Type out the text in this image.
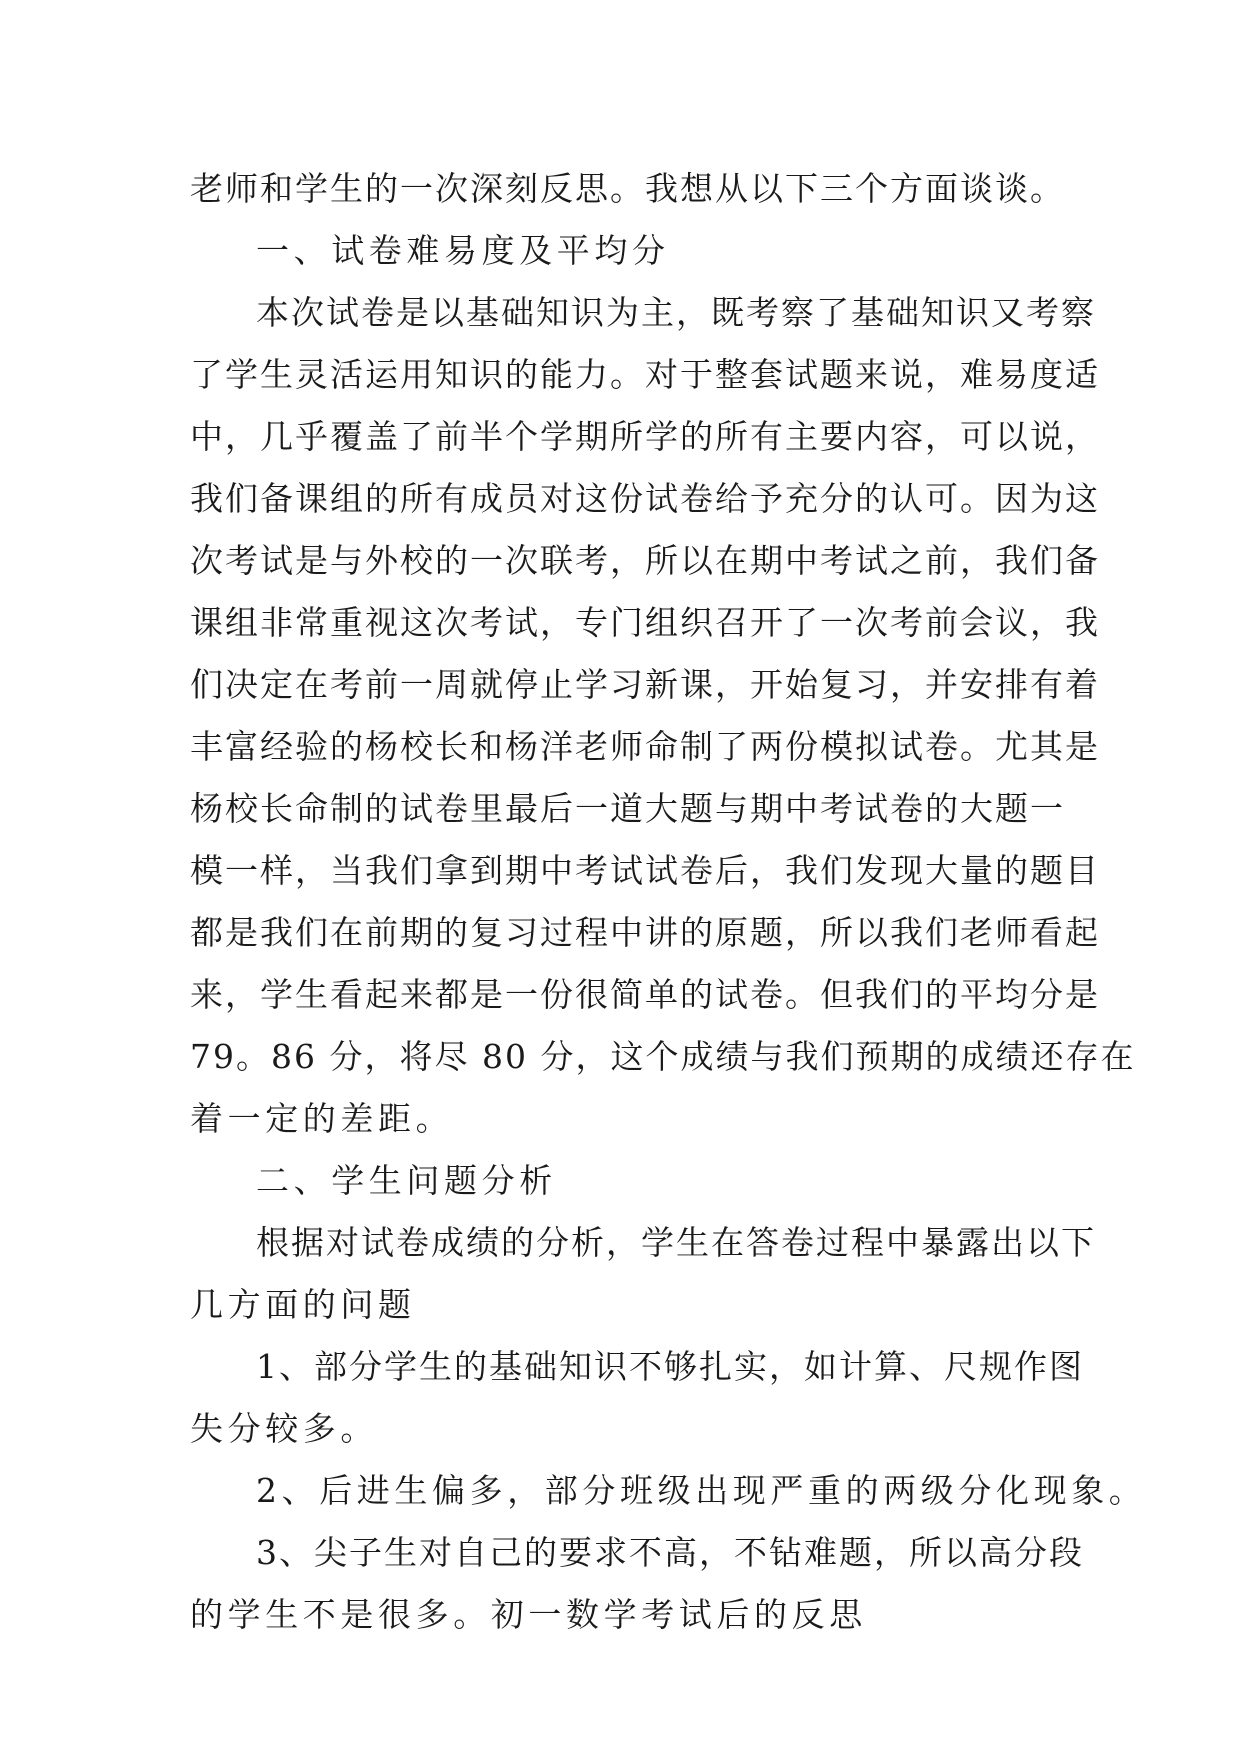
老师和学生的一次深刻反思。我想从以下三个方面谈谈。
一、试卷难易度及平均分
本次试卷是以基础知识为主，既考察了基础知识又考察
了学生灵活运用知识的能力。对于整套试题来说，难易度适
中，几乎覆盖了前半个学期所学的所有主要内容，可以说，
我们备课组的所有成员对这份试卷给予充分的认可。因为这
次考试是与外校的一次联考，所以在期中考试之前，我们备
课组非常重视这次考试，专门组织召开了一次考前会议，我
们决定在考前一周就停止学习新课，开始复习，并安排有着
丰富经验的杨校长和杨洋老师命制了两份模拟试卷。尤其是
杨校长命制的试卷里最后一道大题与期中考试卷的大题一
模一样，当我们拿到期中考试试卷后，我们发现大量的题目
都是我们在前期的复习过程中讲的原题，所以我们老师看起
来，学生看起来都是一份很简单的试卷。但我们的平均分是
79。86 分，将尽 80 分，这个成绩与我们预期的成绩还存在
着一定的差距。
二、学生问题分析
根据对试卷成绩的分析，学生在答卷过程中暴露出以下
几方面的问题
1、部分学生的基础知识不够扎实，如计算、尺规作图
失分较多。
2、后进生偏多，部分班级出现严重的两级分化现象。
3、尖子生对自己的要求不高，不钻难题，所以高分段
的学生不是很多。初一数学考试后的反思
